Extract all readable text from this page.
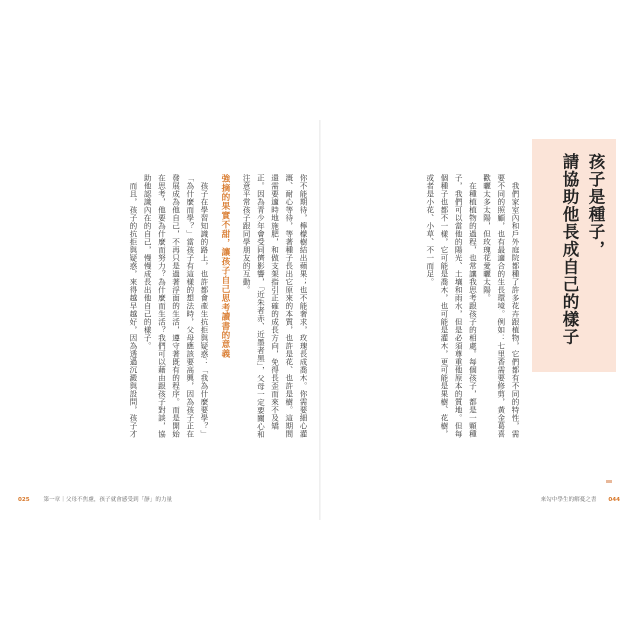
孩子是種子，
請協助他長成自己的樣子

我們家室內和戶外庭院都種了許多花卉跟植物，它們都有不同的特性，需要不同的照顧，也有最適合的生長環境。例如：七里香需要修剪，黃金葛喜歡曬太多太陽，但玫瑰花愛曬太陽。

在種植植物的過程，也常讓我思考跟孩子的相處。每個孩子，都是一顆種子，我們可以當他的陽光、土壤和雨水，但是必須尊重他原本的質地。但每個種子也都不一樣，它可能是喬木，也可能是灌木，更可能是果樹、花樹，或者是小花、小草、不一而足。

你不能期待，檸檬樹結出蘋果；也不能奢求，玫瑰長成喬木。你需要細心灌溉、耐心等待，等著種子長出它原來的本質，也許是花、也許是樹。這期間還需要適時地施肥，和做支架指引正確的成長方向，免得長歪而來不及矯正。因為青少年會受同儕影響，「近朱者赤、近墨者黑」，父母一定要關心和注意平常孩子跟同學朋友的互動。

強摘的果實不甜，讓孩子自己思考讀書的意義

孩子在學習知識的路上，也許都會產生抗拒與疑惑：「我為什麼要學？」「為什麼而學？」當孩子有這樣的想法時，父母應該要高興，因為孩子正在發展成為他自己，不再只是過著浮面的生活，遵守著既有的程序。而是開始在思考，他要為什麼而努力？為什麼而生活？我們可以藉由跟孩子對談，協助他認識內在的自己，慢慢成長出他自己的樣子。

而且，孩子的抗拒與疑惑，來得越早越好，因為透過沉澱與設問，孩子才

025 第一章｜父母不焦慮，孩子就會感受到「靜」的力量	來勾中學生的解憂之書 044
